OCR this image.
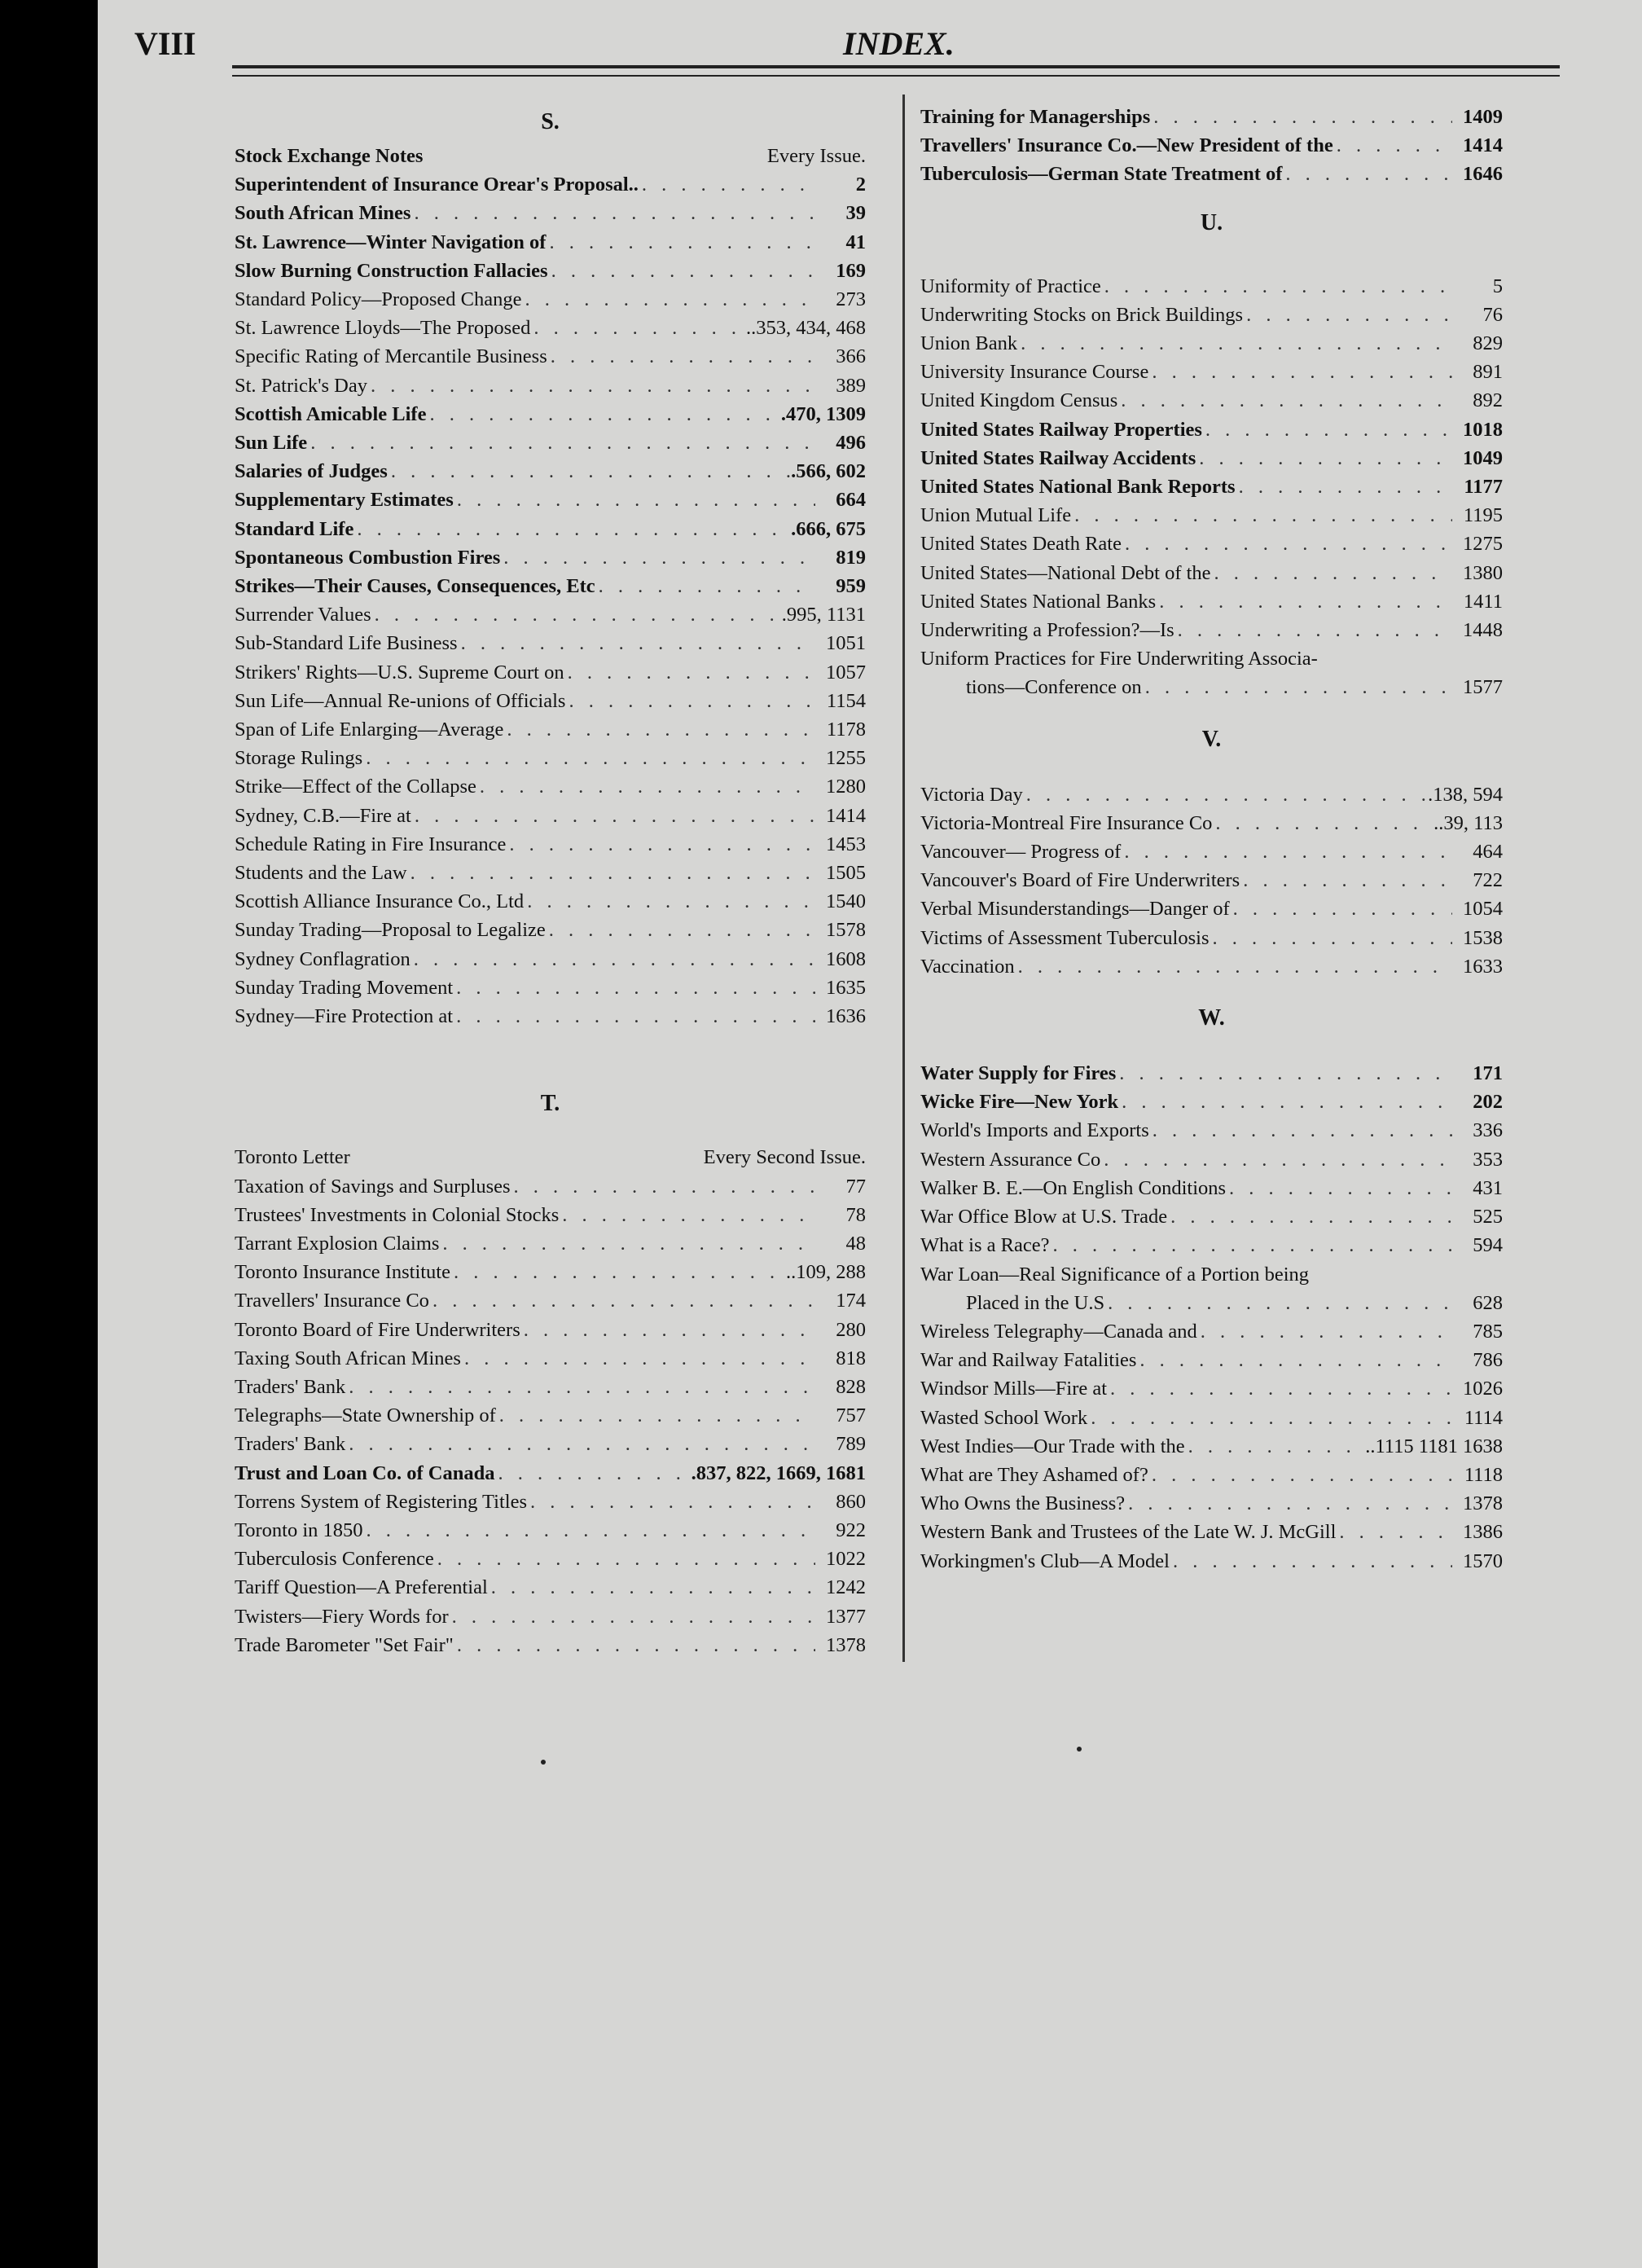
VIII	INDEX.
S.
Stock Exchange Notes	Every Issue.
Superintendent of Insurance Orear's Proposal.. . . .	2
South African Mines . . .	39
St. Lawrence—Winter Navigation of . . .	41
Slow Burning Construction Fallacies . . .	169
Standard Policy—Proposed Change . . .	273
St. Lawrence Lloyds—The Proposed . . .	..353, 434, 468
Specific Rating of Mercantile Business . . .	366
St. Patrick's Day . . .	389
Scottish Amicable Life . . .	.470, 1309
Sun Life . . .	496
Salaries of Judges . . .	.566, 602
Supplementary Estimates . . .	664
Standard Life . . .	.666, 675
Spontaneous Combustion Fires . . .	819
Strikes—Their Causes, Consequences, Etc . . .	959
Surrender Values . . .	.995, 1131
Sub-Standard Life Business . . .	1051
Strikers' Rights—U.S. Supreme Court on . . .	1057
Sun Life—Annual Re-unions of Officials . . .	1154
Span of Life Enlarging—Average . . .	1178
Storage Rulings . . .	1255
Strike—Effect of the Collapse . . .	1280
Sydney, C.B.—Fire at . . .	1414
Schedule Rating in Fire Insurance . . .	1453
Students and the Law . . .	1505
Scottish Alliance Insurance Co., Ltd . . .	1540
Sunday Trading—Proposal to Legalize . . .	1578
Sydney Conflagration . . .	1608
Sunday Trading Movement . . .	1635
Sydney—Fire Protection at . . .	1636
T.
Toronto Letter	Every Second Issue.
Taxation of Savings and Surpluses . . .	77
Trustees' Investments in Colonial Stocks . . .	78
Tarrant Explosion Claims . . .	48
Toronto Insurance Institute . . .	..109, 288
Travellers' Insurance Co . . .	174
Toronto Board of Fire Underwriters . . .	280
Taxing South African Mines . . .	818
Traders' Bank . . .	828
Telegraphs—State Ownership of . . .	757
Traders' Bank . . .	789
Trust and Loan Co. of Canada . . .	.837, 822, 1669, 1681
Torrens System of Registering Titles . . .	860
Toronto in 1850 . . .	922
Tuberculosis Conference . . .	1022
Tariff Question—A Preferential . . .	1242
Twisters—Fiery Words for . . .	1377
Trade Barometer "Set Fair" . . .	1378
Training for Managerships . . .	1409
Travellers' Insurance Co.—New President of the . . .	1414
Tuberculosis—German State Treatment of . . .	1646
U.
Uniformity of Practice . . .	5
Underwriting Stocks on Brick Buildings . . .	76
Union Bank . . .	829
University Insurance Course . . .	891
United Kingdom Census . . .	892
United States Railway Properties . . .	1018
United States Railway Accidents . . .	1049
United States National Bank Reports . . .	1177
Union Mutual Life . . .	1195
United States Death Rate . . .	1275
United States—National Debt of the . . .	1380
United States National Banks . . .	1411
Underwriting a Profession?—Is . . .	1448
Uniform Practices for Fire Underwriting Associa-
tions—Conference on . . .	1577
V.
Victoria Day . . .	.138, 594
Victoria-Montreal Fire Insurance Co . . .	..39, 113
Vancouver— Progress of . . .	464
Vancouver's Board of Fire Underwriters . . .	722
Verbal Misunderstandings—Danger of . . .	1054
Victims of Assessment Tuberculosis . . .	1538
Vaccination . . .	1633
W.
Water Supply for Fires . . .	171
Wicke Fire—New York . . .	202
World's Imports and Exports . . .	336
Western Assurance Co . . .	353
Walker B. E.—On English Conditions . . .	431
War Office Blow at U.S. Trade . . .	525
What is a Race? . . .	594
War Loan—Real Significance of a Portion being
Placed in the U.S . . .	628
Wireless Telegraphy—Canada and . . .	785
War and Railway Fatalities . . .	786
Windsor Mills—Fire at . . .	1026
Wasted School Work . . .	1114
West Indies—Our Trade with the . . .	..1115 1181 1638
What are They Ashamed of? . . .	1118
Who Owns the Business? . . .	1378
Western Bank and Trustees of the Late W. J. McGill . . .	1386
Workingmen's Club—A Model . . .	1570
